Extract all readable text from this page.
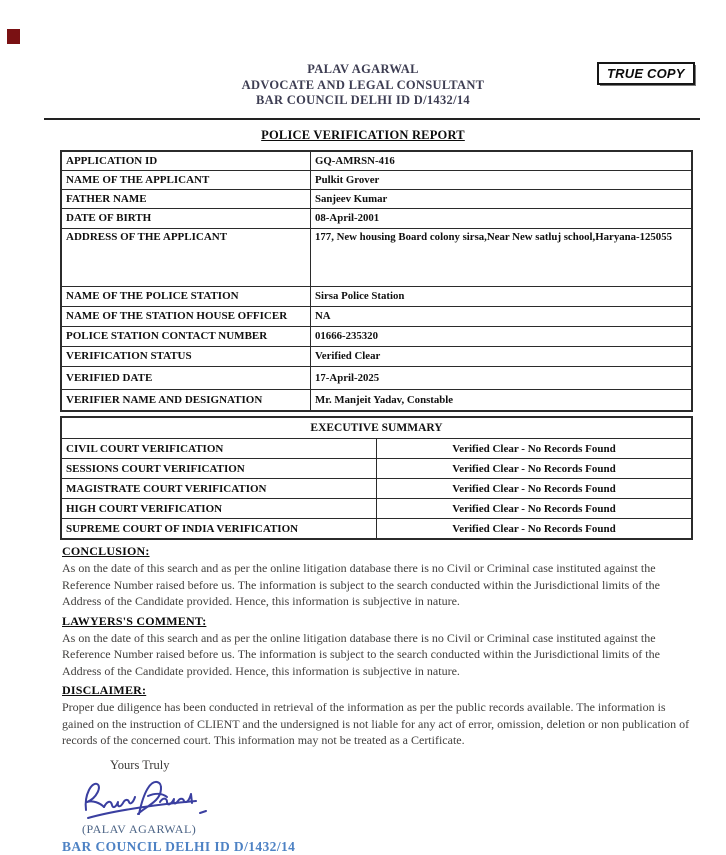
PALAV AGARWAL
ADVOCATE AND LEGAL CONSULTANT
BAR COUNCIL DELHI ID D/1432/14
TRUE COPY
POLICE VERIFICATION REPORT
APPLICATION ID	GQ-AMRSN-416
NAME OF THE APPLICANT	Pulkit Grover
FATHER NAME	Sanjeev Kumar
DATE OF BIRTH	08-April-2001
ADDRESS OF THE APPLICANT	177, New housing Board colony sirsa,Near New satluj school,Haryana-125055
NAME OF THE POLICE STATION	Sirsa Police Station
NAME OF THE STATION HOUSE OFFICER	NA
POLICE STATION CONTACT NUMBER	01666-235320
VERIFICATION STATUS	Verified Clear
VERIFIED DATE	17-April-2025
VERIFIER NAME AND DESIGNATION	Mr. Manjeit Yadav, Constable
EXECUTIVE SUMMARY	
CIVIL COURT VERIFICATION	Verified Clear - No Records Found
SESSIONS COURT VERIFICATION	Verified Clear - No Records Found
MAGISTRATE COURT VERIFICATION	Verified Clear - No Records Found
HIGH COURT VERIFICATION	Verified Clear - No Records Found
SUPREME COURT OF INDIA VERIFICATION	Verified Clear - No Records Found
CONCLUSION:

As on the date of this search and as per the online litigation database there is no Civil or Criminal case instituted against the Reference Number raised before us. The information is subject to the search conducted within the Jurisdictional limits of the Address of the Candidate provided. Hence, this information is subjective in nature.

LAWYERS'S COMMENT:

As on the date of this search and as per the online litigation database there is no Civil or Criminal case instituted against the Reference Number raised before us. The information is subject to the search conducted within the Jurisdictional limits of the Address of the Candidate provided. Hence, this information is subjective in nature.

DISCLAIMER:

Proper due diligence has been conducted in retrieval of the information as per the public records available. The information is gained on the instruction of CLIENT and the undersigned is not liable for any act of error, omission, deletion or non publication of records of the concerned court. This information may not be treated as a Certificate.

Yours Truly
(PALAV AGARWAL)
BAR COUNCIL DELHI ID D/1432/14
